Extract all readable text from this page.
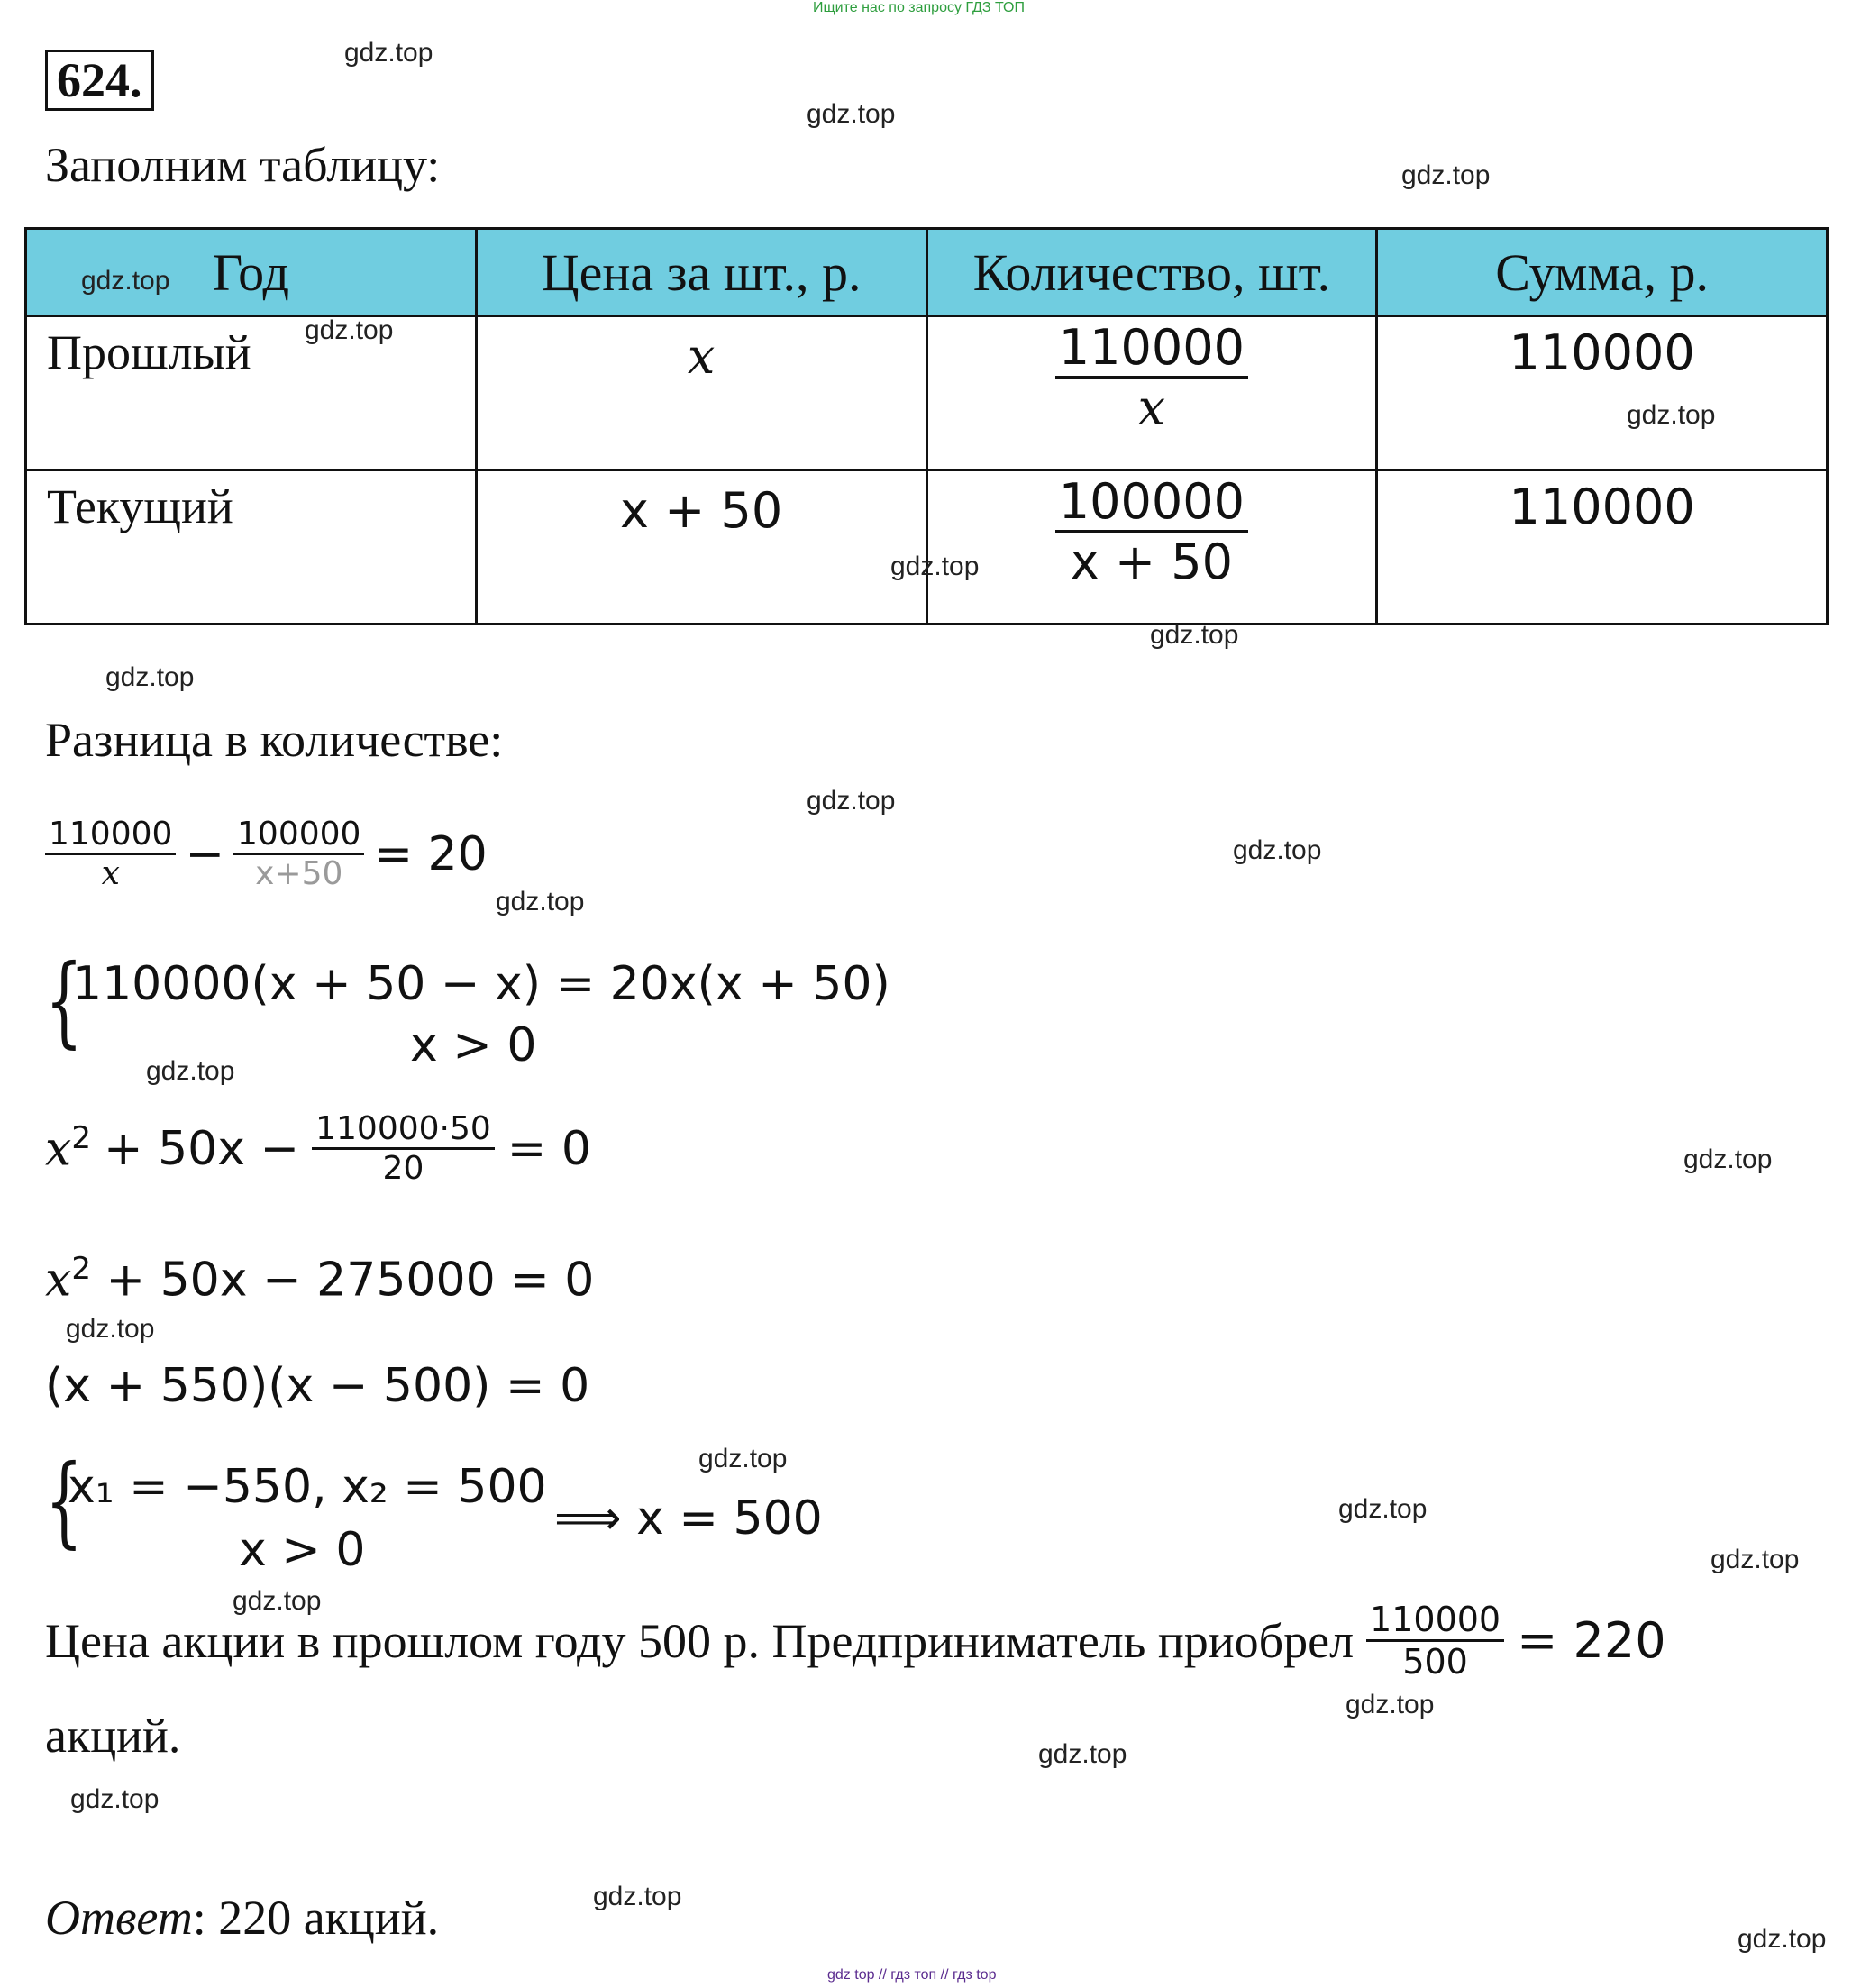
Ищите нас по запросу ГДЗ ТОП
624.
Заполним таблицу:
Год	Цена за шт., р.	Количество, шт.	Сумма, р.
Прошлый	x	$\frac{110000}{x}$	110000
Текущий	x + 50	$\frac{100000}{x + 50}$	110000
Разница в количестве:
$\frac{110000}{x} - \frac{100000}{x+50} = 20$
{
110000(x + 50 − x) = 20x(x + 50)
x > 0
$x^2 + 50x - \frac{110000\cdot 50}{20} = 0$
$x^2 + 50x - 275000 = 0$
(x + 550)(x − 500) = 0
{
x₁ = −550, x₂ = 500
x > 0
⟹ x = 500
Цена акции в прошлом году 500 р. Предприниматель приобрел $\frac{110000}{500} = 220$
акций.
Ответ: 220 акций.
gdz.top
gdz.top
gdz.top
gdz.top
gdz.top
gdz.top
gdz.top
gdz.top
gdz.top
gdz.top
gdz.top
gdz.top
gdz.top
gdz.top
gdz.top
gdz.top
gdz.top
gdz.top
gdz.top
gdz.top
gdz.top
gdz.top
gdz.top
gdz.top
gdz top // гдз топ // гдз top
